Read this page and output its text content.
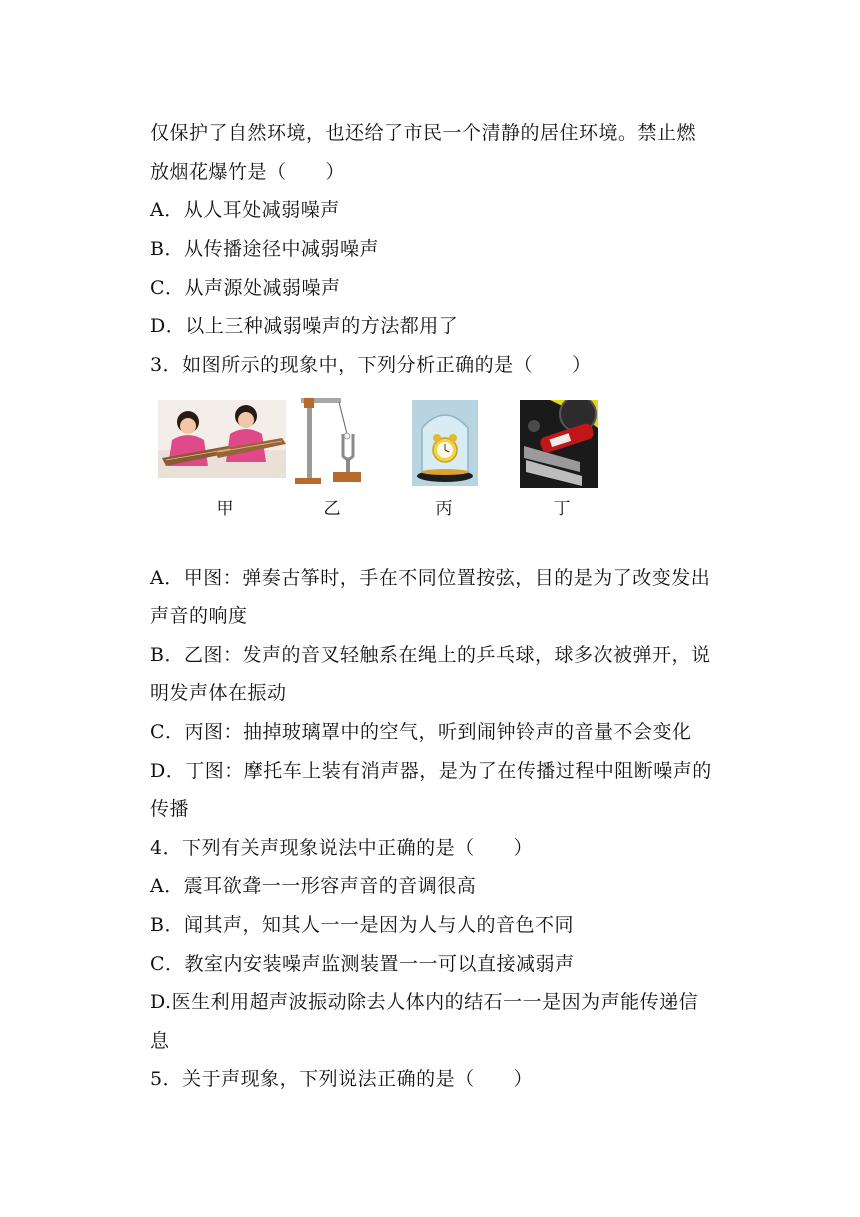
仅保护了自然环境，也还给了市民一个清静的居住环境。禁止燃
放烟花爆竹是（　　）
A．从人耳处减弱噪声
B．从传播途径中减弱噪声
C．从声源处减弱噪声
D．以上三种减弱噪声的方法都用了
3．如图所示的现象中，下列分析正确的是（　　）
甲	乙	丙	丁
A．甲图：弹奏古筝时，手在不同位置按弦，目的是为了改变发出
声音的响度
B．乙图：发声的音叉轻触系在绳上的乒乓球，球多次被弹开，说
明发声体在振动
C．丙图：抽掉玻璃罩中的空气，听到闹钟铃声的音量不会变化
D．丁图：摩托车上装有消声器，是为了在传播过程中阻断噪声的
传播
4．下列有关声现象说法中正确的是（　　）
A．震耳欲聋一一形容声音的音调很高
B．闻其声，知其人一一是因为人与人的音色不同
C．教室内安装噪声监测装置一一可以直接减弱声
D.医生利用超声波振动除去人体内的结石一一是因为声能传递信
息
5．关于声现象，下列说法正确的是（　　）
